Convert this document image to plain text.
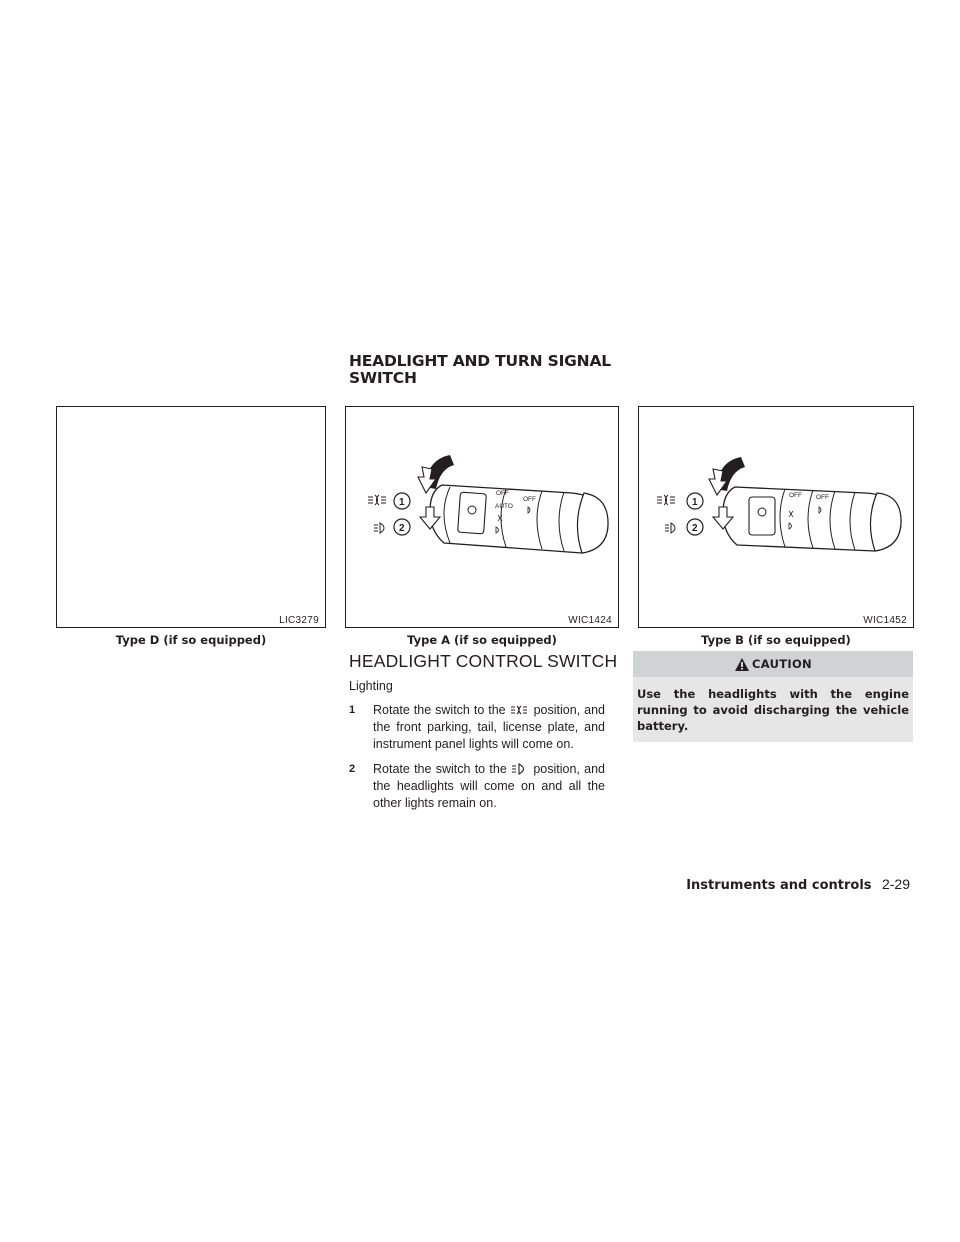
HEADLIGHT AND TURN SIGNAL SWITCH
LIC3279
Type D (if so equipped)
OFF
AUTO
OFF
1
2
WIC1424
Type A (if so equipped)
OFF OFF
1
2
WIC1452
Type B (if so equipped)
HEADLIGHT CONTROL SWITCH
Lighting
$^1$ Rotate the switch to the position, and the front parking, tail, license plate, and instrument panel lights will come on.
$^2$ Rotate the switch to the position, and the headlights will come on and all the other lights remain on.
CAUTION
Use the headlights with the engine running to avoid discharging the vehicle battery.
Instruments and controls 2-29
